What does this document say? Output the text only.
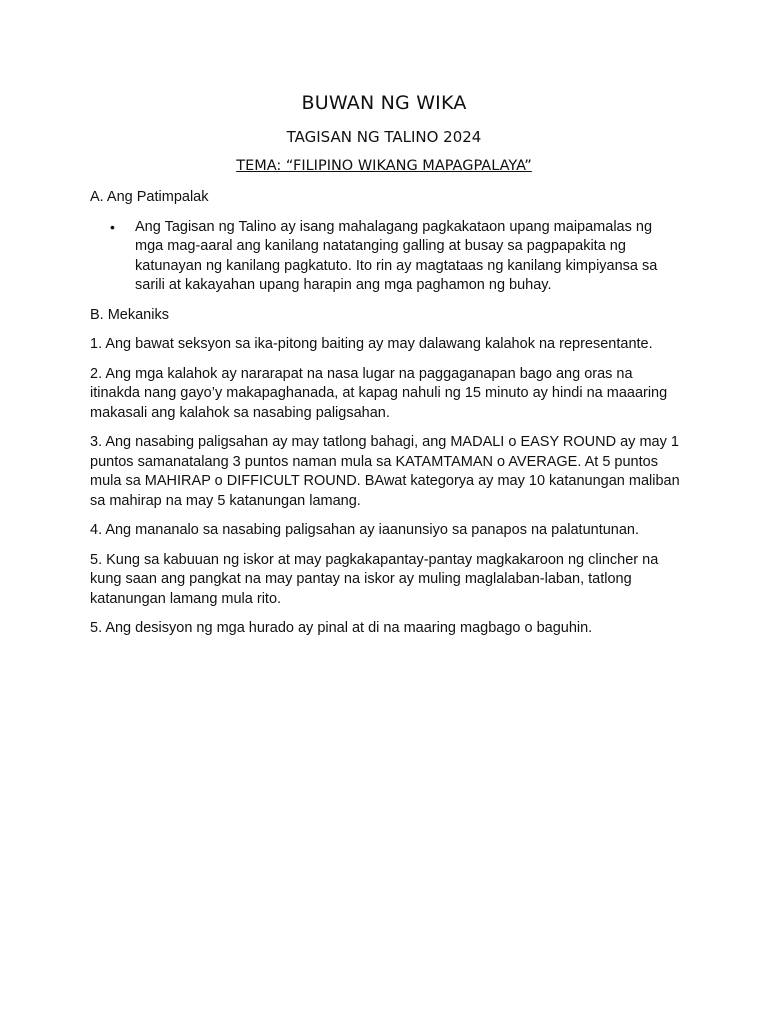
BUWAN NG WIKA
TAGISAN NG TALINO 2024
TEMA: “FILIPINO WIKANG MAPAGPALAYA”

A. Ang Patimpalak

•	Ang Tagisan ng Talino ay isang mahalagang pagkakataon upang maipamalas ng mga mag-aaral ang kanilang natatanging galling at busay sa pagpapakita ng katunayan ng kanilang pagkatuto. Ito rin ay magtataas ng kanilang kimpiyansa sa sarili at kakayahan upang harapin ang mga paghamon ng buhay.

B. Mekaniks

1. Ang bawat seksyon sa ika-pitong baiting ay may dalawang kalahok na representante.

2. Ang mga kalahok ay nararapat na nasa lugar na paggaganapan bago ang oras na itinakda nang gayo’y makapaghanada, at kapag nahuli ng 15 minuto ay hindi na maaaring makasali ang kalahok sa nasabing paligsahan.

3. Ang nasabing paligsahan ay may tatlong bahagi, ang MADALI o EASY ROUND ay may 1 puntos samanatalang 3 puntos naman mula sa KATAMTAMAN o AVERAGE. At 5 puntos mula sa MAHIRAP o DIFFICULT ROUND. BAwat kategorya ay may 10 katanungan maliban sa mahirap na may 5 katanungan lamang.

4. Ang mananalo sa nasabing paligsahan ay iaanunsiyo sa panapos na palatuntunan.

5. Kung sa kabuuan ng iskor at may pagkakapantay-pantay magkakaroon ng clincher na kung saan ang pangkat na may pantay na iskor ay muling maglalaban-laban, tatlong katanungan lamang mula rito.

5. Ang desisyon ng mga hurado ay pinal at di na maaring magbago o baguhin.
